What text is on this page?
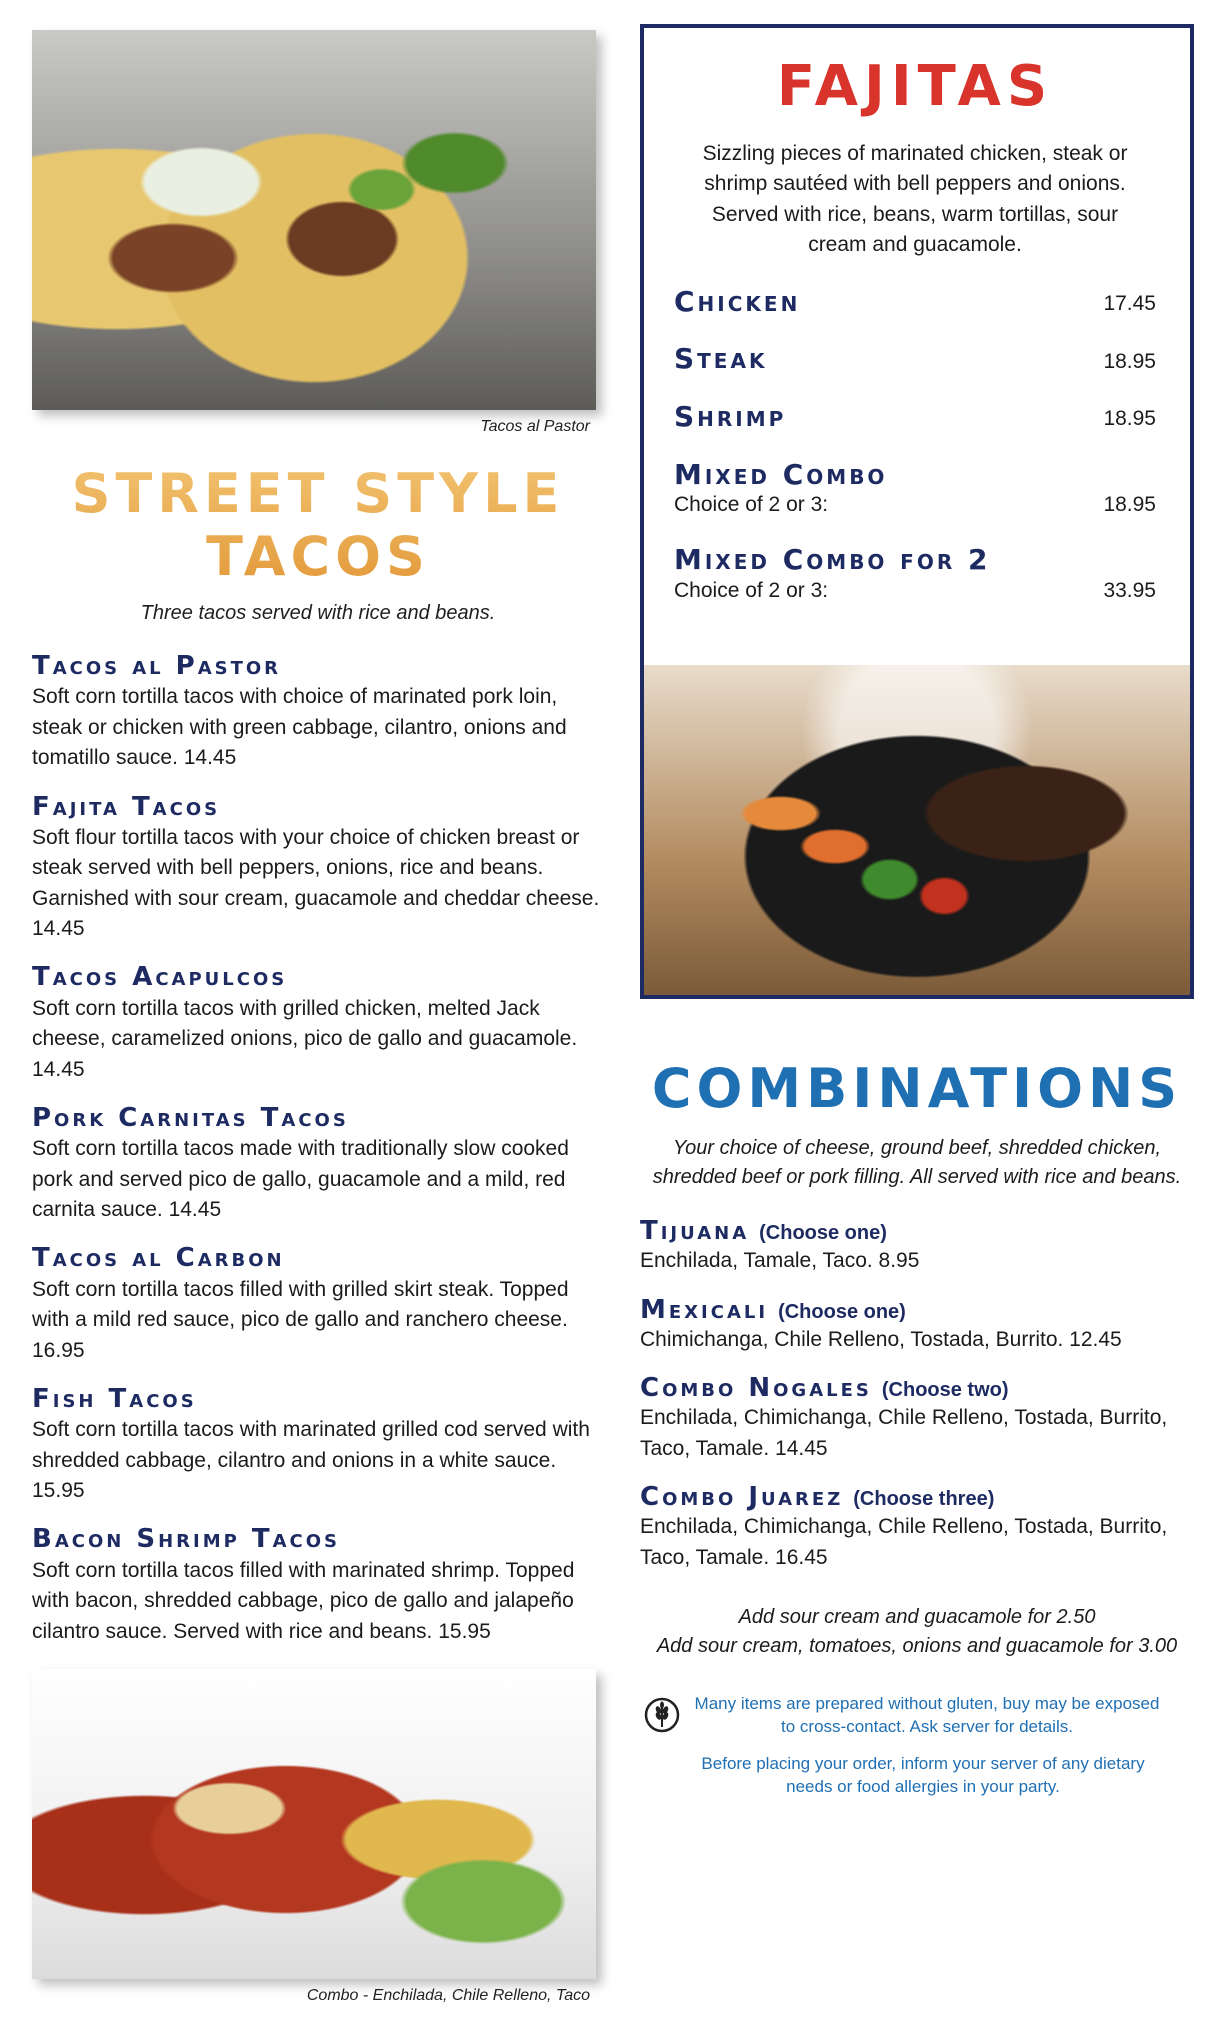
Tacos al Pastor
STREET STYLE TACOS
Three tacos served with rice and beans.
Tacos al Pastor
Soft corn tortilla tacos with choice of marinated pork loin, steak or chicken with green cabbage, cilantro, onions and tomatillo sauce. 14.45
Fajita Tacos
Soft flour tortilla tacos with your choice of chicken breast or steak served with bell peppers, onions, rice and beans. Garnished with sour cream, guacamole and cheddar cheese. 14.45
Tacos Acapulcos
Soft corn tortilla tacos with grilled chicken, melted Jack cheese, caramelized onions, pico de gallo and guacamole. 14.45
Pork Carnitas Tacos
Soft corn tortilla tacos made with traditionally slow cooked pork and served pico de gallo, guacamole and a mild, red carnita sauce. 14.45
Tacos al Carbon
Soft corn tortilla tacos filled with grilled skirt steak. Topped with a mild red sauce, pico de gallo and ranchero cheese. 16.95
Fish Tacos
Soft corn tortilla tacos with marinated grilled cod served with shredded cabbage, cilantro and onions in a white sauce. 15.95
Bacon Shrimp Tacos
Soft corn tortilla tacos filled with marinated shrimp. Topped with bacon, shredded cabbage, pico de gallo and jalapeño cilantro sauce. Served with rice and beans. 15.95
Combo - Enchilada, Chile Relleno, Taco
FAJITAS
Sizzling pieces of marinated chicken, steak or shrimp sautéed with bell peppers and onions. Served with rice, beans, warm tortillas, sour cream and guacamole.
Chicken	17.45
Steak	18.95
Shrimp	18.95
Mixed Combo
Choice of 2 or 3:	18.95
Mixed Combo for 2
Choice of 2 or 3:	33.95
COMBINATIONS
Your choice of cheese, ground beef, shredded chicken, shredded beef or pork filling. All served with rice and beans.
Tijuana (Choose one)
Enchilada, Tamale, Taco. 8.95
Mexicali (Choose one)
Chimichanga, Chile Relleno, Tostada, Burrito. 12.45
Combo Nogales (Choose two)
Enchilada, Chimichanga, Chile Relleno, Tostada, Burrito, Taco, Tamale. 14.45
Combo Juarez (Choose three)
Enchilada, Chimichanga, Chile Relleno, Tostada, Burrito, Taco, Tamale. 16.45
Add sour cream and guacamole for 2.50
Add sour cream, tomatoes, onions and guacamole for 3.00
Many items are prepared without gluten, buy may be exposed to cross-contact. Ask server for details.
Before placing your order, inform your server of any dietary needs or food allergies in your party.
